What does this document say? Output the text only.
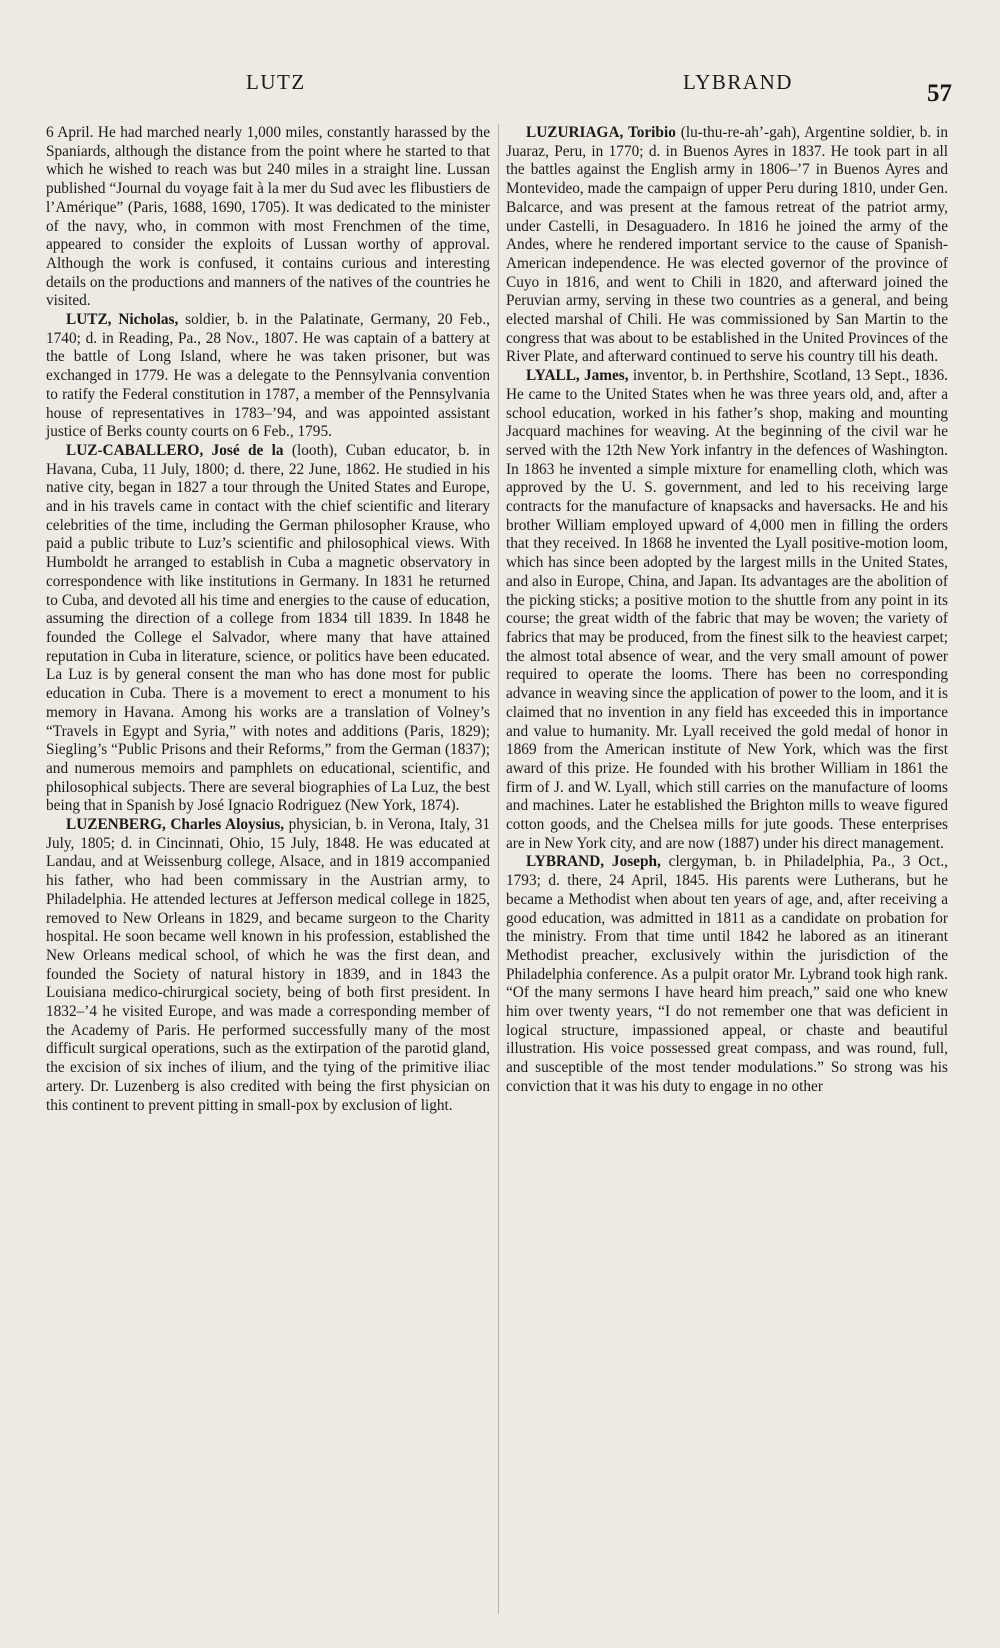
LUTZ	LYBRAND	57

6 April. He had marched nearly 1,000 miles, constantly harassed by the Spaniards, although the distance from the point where he started to that which he wished to reach was but 240 miles in a straight line. Lussan published “Journal du voyage fait à la mer du Sud avec les flibustiers de l’Amérique” (Paris, 1688, 1690, 1705). It was dedicated to the minister of the navy, who, in common with most Frenchmen of the time, appeared to consider the exploits of Lussan worthy of approval. Although the work is confused, it contains curious and interesting details on the productions and manners of the natives of the countries he visited.

LUTZ, Nicholas, soldier, b. in the Palatinate, Germany, 20 Feb., 1740; d. in Reading, Pa., 28 Nov., 1807. He was captain of a battery at the battle of Long Island, where he was taken prisoner, but was exchanged in 1779. He was a delegate to the Pennsylvania convention to ratify the Federal constitution in 1787, a member of the Pennsylvania house of representatives in 1783–’94, and was appointed assistant justice of Berks county courts on 6 Feb., 1795.

LUZ-CABALLERO, José de la (looth), Cuban educator, b. in Havana, Cuba, 11 July, 1800; d. there, 22 June, 1862. He studied in his native city, began in 1827 a tour through the United States and Europe, and in his travels came in contact with the chief scientific and literary celebrities of the time, including the German philosopher Krause, who paid a public tribute to Luz’s scientific and philosophical views. With Humboldt he arranged to establish in Cuba a magnetic observatory in correspondence with like institutions in Germany. In 1831 he returned to Cuba, and devoted all his time and energies to the cause of education, assuming the direction of a college from 1834 till 1839. In 1848 he founded the College el Salvador, where many that have attained reputation in Cuba in literature, science, or politics have been educated. La Luz is by general consent the man who has done most for public education in Cuba. There is a movement to erect a monument to his memory in Havana. Among his works are a translation of Volney’s “Travels in Egypt and Syria,” with notes and additions (Paris, 1829); Siegling’s “Public Prisons and their Reforms,” from the German (1837); and numerous memoirs and pamphlets on educational, scientific, and philosophical subjects. There are several biographies of La Luz, the best being that in Spanish by José Ignacio Rodriguez (New York, 1874).

LUZENBERG, Charles Aloysius, physician, b. in Verona, Italy, 31 July, 1805; d. in Cincinnati, Ohio, 15 July, 1848. He was educated at Landau, and at Weissenburg college, Alsace, and in 1819 accompanied his father, who had been commissary in the Austrian army, to Philadelphia. He attended lectures at Jefferson medical college in 1825, removed to New Orleans in 1829, and became surgeon to the Charity hospital. He soon became well known in his profession, established the New Orleans medical school, of which he was the first dean, and founded the Society of natural history in 1839, and in 1843 the Louisiana medico-chirurgical society, being of both first president. In 1832–’4 he visited Europe, and was made a corresponding member of the Academy of Paris. He performed successfully many of the most difficult surgical operations, such as the extirpation of the parotid gland, the excision of six inches of ilium, and the tying of the primitive iliac artery. Dr. Luzenberg is also credited with being the first physician on this continent to prevent pitting in small-pox by exclusion of light.

LUZURIAGA, Toribio (lu-thu-re-ah’-gah), Argentine soldier, b. in Juaraz, Peru, in 1770; d. in Buenos Ayres in 1837. He took part in all the battles against the English army in 1806–’7 in Buenos Ayres and Montevideo, made the campaign of upper Peru during 1810, under Gen. Balcarce, and was present at the famous retreat of the patriot army, under Castelli, in Desaguadero. In 1816 he joined the army of the Andes, where he rendered important service to the cause of Spanish-American independence. He was elected governor of the province of Cuyo in 1816, and went to Chili in 1820, and afterward joined the Peruvian army, serving in these two countries as a general, and being elected marshal of Chili. He was commissioned by San Martin to the congress that was about to be established in the United Provinces of the River Plate, and afterward continued to serve his country till his death.

LYALL, James, inventor, b. in Perthshire, Scotland, 13 Sept., 1836. He came to the United States when he was three years old, and, after a school education, worked in his father’s shop, making and mounting Jacquard machines for weaving. At the beginning of the civil war he served with the 12th New York infantry in the defences of Washington. In 1863 he invented a simple mixture for enamelling cloth, which was approved by the U. S. government, and led to his receiving large contracts for the manufacture of knapsacks and haversacks. He and his brother William employed upward of 4,000 men in filling the orders that they received. In 1868 he invented the Lyall positive-motion loom, which has since been adopted by the largest mills in the United States, and also in Europe, China, and Japan. Its advantages are the abolition of the picking sticks; a positive motion to the shuttle from any point in its course; the great width of the fabric that may be woven; the variety of fabrics that may be produced, from the finest silk to the heaviest carpet; the almost total absence of wear, and the very small amount of power required to operate the looms. There has been no corresponding advance in weaving since the application of power to the loom, and it is claimed that no invention in any field has exceeded this in importance and value to humanity. Mr. Lyall received the gold medal of honor in 1869 from the American institute of New York, which was the first award of this prize. He founded with his brother William in 1861 the firm of J. and W. Lyall, which still carries on the manufacture of looms and machines. Later he established the Brighton mills to weave figured cotton goods, and the Chelsea mills for jute goods. These enterprises are in New York city, and are now (1887) under his direct management.

LYBRAND, Joseph, clergyman, b. in Philadelphia, Pa., 3 Oct., 1793; d. there, 24 April, 1845. His parents were Lutherans, but he became a Methodist when about ten years of age, and, after receiving a good education, was admitted in 1811 as a candidate on probation for the ministry. From that time until 1842 he labored as an itinerant Methodist preacher, exclusively within the jurisdiction of the Philadelphia conference. As a pulpit orator Mr. Lybrand took high rank. “Of the many sermons I have heard him preach,” said one who knew him over twenty years, “I do not remember one that was deficient in logical structure, impassioned appeal, or chaste and beautiful illustration. His voice possessed great compass, and was round, full, and susceptible of the most tender modulations.” So strong was his conviction that it was his duty to engage in no other
